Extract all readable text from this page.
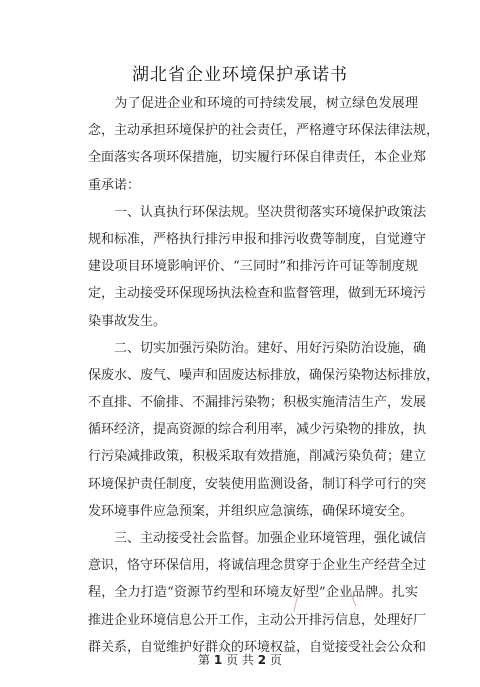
湖北省企业环境保护承诺书
　　为了促进企业和环境的可持续发展，树立绿色发展理
念，主动承担环境保护的社会责任，严格遵守环保法律法规，
全面落实各项环保措施，切实履行环保自律责任，本企业郑
重承诺：
　　一、认真执行环保法规。坚决贯彻落实环境保护政策法
规和标准，严格执行排污申报和排污收费等制度，自觉遵守
建设项目环境影响评价、“三同时”和排污许可证等制度规
定，主动接受环保现场执法检查和监督管理，做到无环境污
染事故发生。
　　二、切实加强污染防治。建好、用好污染防治设施，确
保废水、废气、噪声和固废达标排放，确保污染物达标排放，
不直排、不偷排、不漏排污染物；积极实施清洁生产，发展
循环经济，提高资源的综合利用率，减少污染物的排放，执
行污染减排政策，积极采取有效措施，削减污染负荷；建立
环境保护责任制度，安装使用监测设备，制订科学可行的突
发环境事件应急预案，并组织应急演练，确保环境安全。
　　三、主动接受社会监督。加强企业环境管理，强化诚信
意识，恪守环保信用，将诚信理念贯穿于企业生产经营全过
程，全力打造“资源节约型和环境友好型”企业品牌。扎实
推进企业环境信息公开工作，主动公开排污信息，处理好厂
群关系，自觉维护好群众的环境权益，自觉接受社会公众和
第 1 页 共 2 页
